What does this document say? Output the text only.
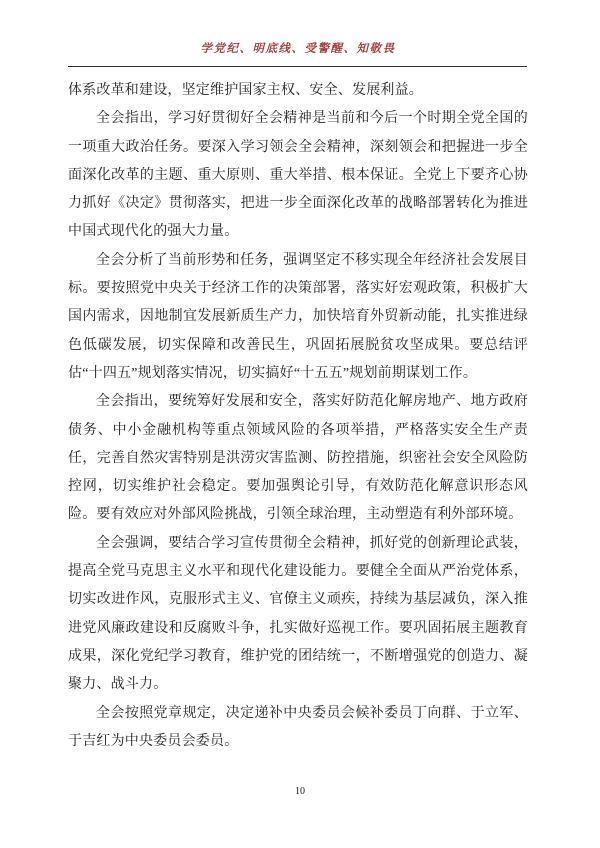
学党纪、明底线、受警醒、知敬畏

体系改革和建设，坚定维护国家主权、安全、发展利益。

全会指出，学习好贯彻好全会精神是当前和今后一个时期全党全国的一项重大政治任务。要深入学习领会全会精神，深刻领会和把握进一步全面深化改革的主题、重大原则、重大举措、根本保证。全党上下要齐心协力抓好《决定》贯彻落实，把进一步全面深化改革的战略部署转化为推进中国式现代化的强大力量。

全会分析了当前形势和任务，强调坚定不移实现全年经济社会发展目标。要按照党中央关于经济工作的决策部署，落实好宏观政策，积极扩大国内需求，因地制宜发展新质生产力，加快培育外贸新动能，扎实推进绿色低碳发展，切实保障和改善民生，巩固拓展脱贫攻坚成果。要总结评估“十四五”规划落实情况，切实搞好“十五五”规划前期谋划工作。

全会指出，要统筹好发展和安全，落实好防范化解房地产、地方政府债务、中小金融机构等重点领域风险的各项举措，严格落实安全生产责任，完善自然灾害特别是洪涝灾害监测、防控措施，织密社会安全风险防控网，切实维护社会稳定。要加强舆论引导，有效防范化解意识形态风险。要有效应对外部风险挑战，引领全球治理，主动塑造有利外部环境。

全会强调，要结合学习宣传贯彻全会精神，抓好党的创新理论武装，提高全党马克思主义水平和现代化建设能力。要健全全面从严治党体系，切实改进作风，克服形式主义、官僚主义顽疾，持续为基层减负，深入推进党风廉政建设和反腐败斗争，扎实做好巡视工作。要巩固拓展主题教育成果，深化党纪学习教育，维护党的团结统一，不断增强党的创造力、凝聚力、战斗力。

全会按照党章规定，决定递补中央委员会候补委员丁向群、于立军、于吉红为中央委员会委员。

10
